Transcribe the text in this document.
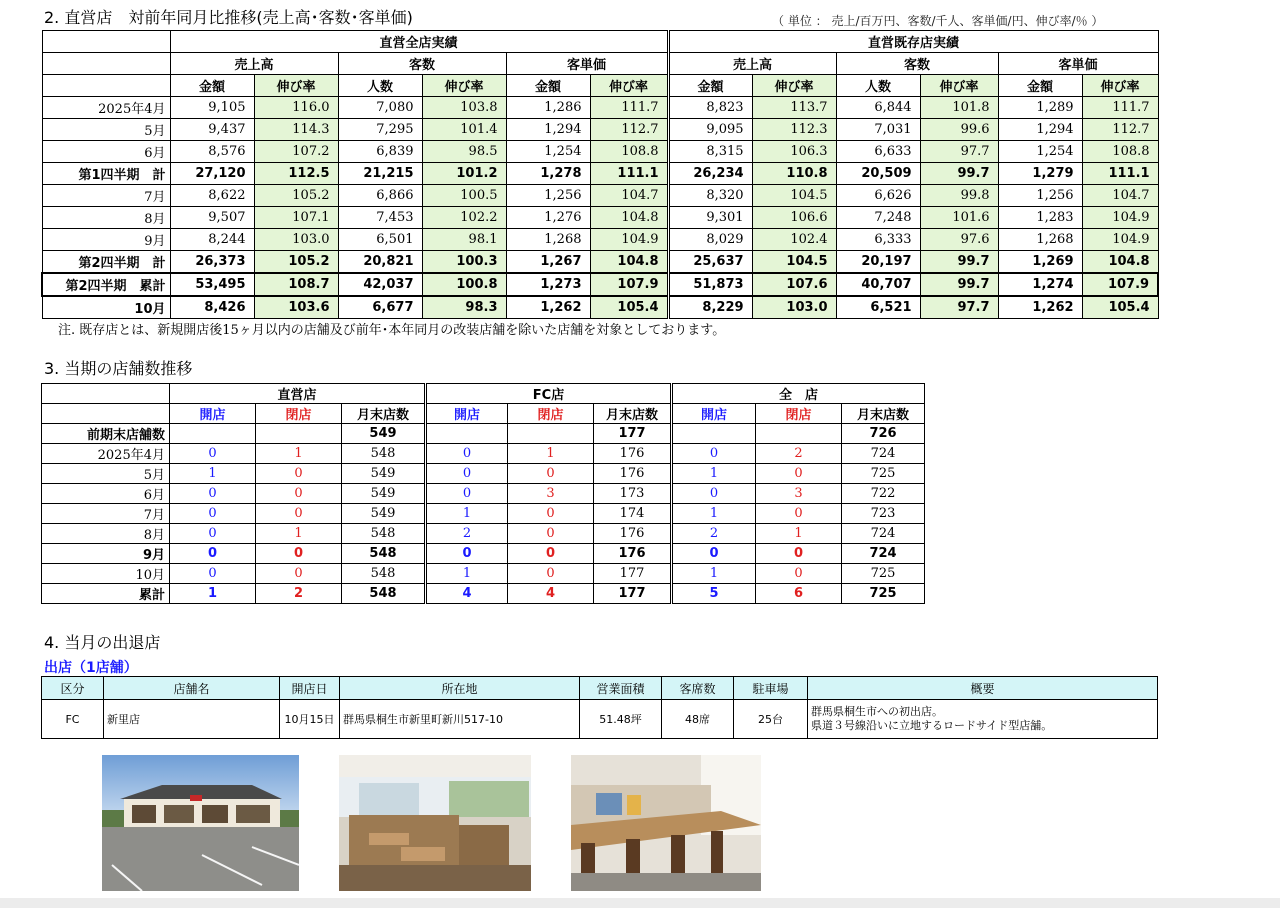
2. 直営店　対前年同月比推移(売上高･客数･客単価)	（ 単位 ： 売上/百万円、客数/千人、客単価/円、伸び率/％ ）
	直営全店実績						直営既存店実績					
	売上高		客数		客単価		売上高		客数		客単価	
	金額	伸び率	人数	伸び率	金額	伸び率	金額	伸び率	人数	伸び率	金額	伸び率
2025年4月	9,105	116.0	7,080	103.8	1,286	111.7	8,823	113.7	6,844	101.8	1,289	111.7
5月	9,437	114.3	7,295	101.4	1,294	112.7	9,095	112.3	7,031	99.6	1,294	112.7
6月	8,576	107.2	6,839	98.5	1,254	108.8	8,315	106.3	6,633	97.7	1,254	108.8
第1四半期　計	27,120	112.5	21,215	101.2	1,278	111.1	26,234	110.8	20,509	99.7	1,279	111.1
7月	8,622	105.2	6,866	100.5	1,256	104.7	8,320	104.5	6,626	99.8	1,256	104.7
8月	9,507	107.1	7,453	102.2	1,276	104.8	9,301	106.6	7,248	101.6	1,283	104.9
9月	8,244	103.0	6,501	98.1	1,268	104.9	8,029	102.4	6,333	97.6	1,268	104.9
第2四半期　計	26,373	105.2	20,821	100.3	1,267	104.8	25,637	104.5	20,197	99.7	1,269	104.8
第2四半期　累計	53,495	108.7	42,037	100.8	1,273	107.9	51,873	107.6	40,707	99.7	1,274	107.9
10月	8,426	103.6	6,677	98.3	1,262	105.4	8,229	103.0	6,521	97.7	1,262	105.4
注. 既存店とは、新規開店後15ヶ月以内の店舗及び前年･本年同月の改装店舗を除いた店舗を対象としております。
3. 当期の店舗数推移
	直営店			FC店			全　店		
	開店	閉店	月末店数	開店	閉店	月末店数	開店	閉店	月末店数
前期末店舗数			549			177			726
2025年4月	0	1	548	0	1	176	0	2	724
5月	1	0	549	0	0	176	1	0	725
6月	0	0	549	0	3	173	0	3	722
7月	0	0	549	1	0	174	1	0	723
8月	0	1	548	2	0	176	2	1	724
9月	0	0	548	0	0	176	0	0	724
10月	0	0	548	1	0	177	1	0	725
累計	1	2	548	4	4	177	5	6	725
4. 当月の出退店
出店（1店舗）
区分	店舗名	開店日	所在地	営業面積	客席数	駐車場	概要
FC	新里店	10月15日	群馬県桐生市新里町新川517-10	51.48坪	48席	25台	群馬県桐生市への初出店。
県道３号線沿いに立地するロードサイド型店舗。
